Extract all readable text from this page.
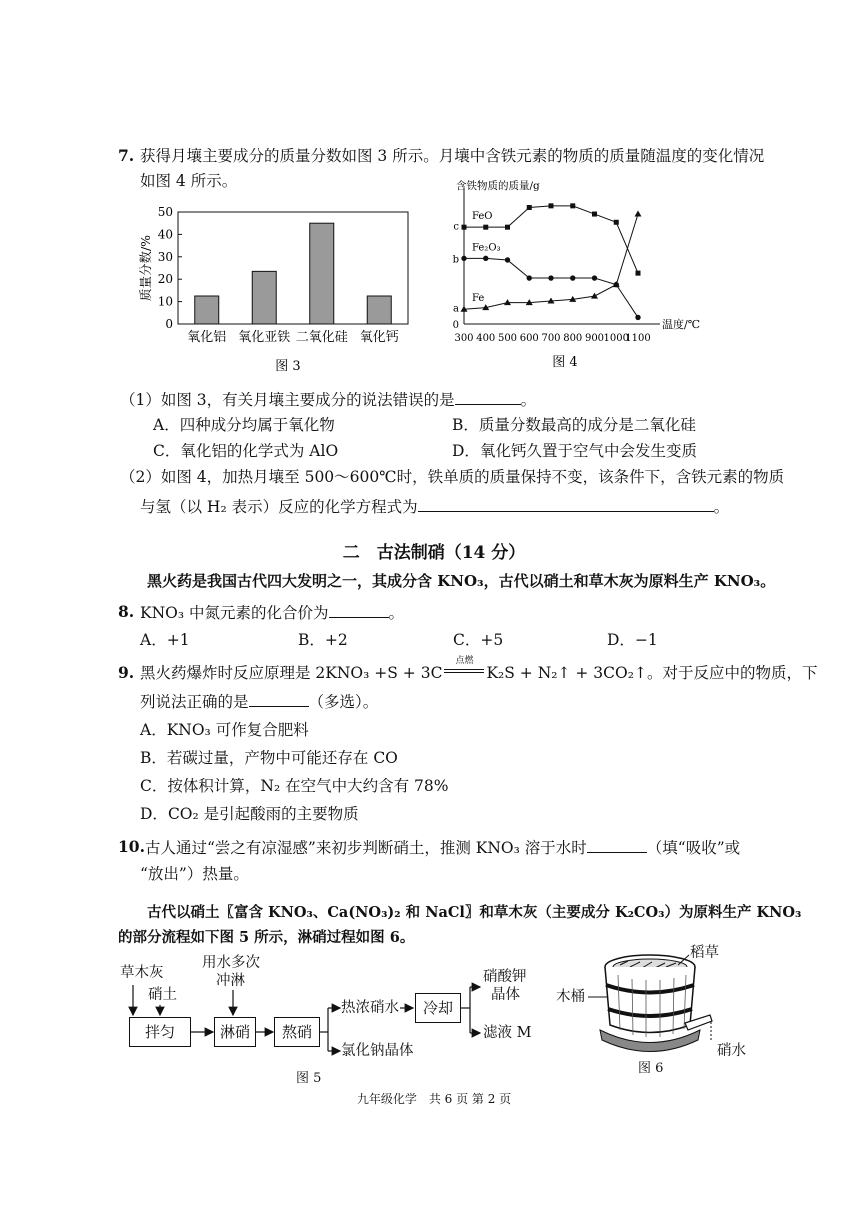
7. 获得月壤主要成分的质量分数如图 3 所示。月壤中含铁元素的物质的质量随温度的变化情况
如图 4 所示。
0
10
20
30
40
50
质量分数/%
氧化铝 氧化亚铁 二氧化硅 氧化钙
图 3
含铁物质的质量/g
温度/℃
300 400 500 600 700 800 900 1000
1100
0
a
b
c
FeO
Fe₂O₃
Fe
图 4
（1）如图 3，有关月壤主要成分的说法错误的是	。
A．四种成分均属于氧化物	B．质量分数最高的成分是二氧化硅
C．氧化铝的化学式为 AlO	D．氧化钙久置于空气中会发生变质
（2）如图 4，加热月壤至 500～600℃时，铁单质的质量保持不变，该条件下，含铁元素的物质
与氢（以 H₂ 表示）反应的化学方程式为	。
二　古法制硝（14 分）
黑火药是我国古代四大发明之一，其成分含 KNO₃，古代以硝土和草木灰为原料生产 KNO₃。
8. KNO₃ 中氮元素的化合价为	。
A．+1	B．+2	C．+5	D．−1
9. 黑火药爆炸时反应原理是 2KNO₃ +S + 3C
点燃
K₂S + N₂↑ + 3CO₂↑。对于反应中的物质，下
列说法正确的是	（多选）。
A．KNO₃ 可作复合肥料
B．若碳过量，产物中可能还存在 CO
C．按体积计算，N₂ 在空气中大约含有 78%
D．CO₂ 是引起酸雨的主要物质
10. 古人通过“尝之有凉湿感”来初步判断硝土，推测 KNO₃ 溶于水时	（填“吸收”或
“放出”）热量。
古代以硝土〖富含 KNO₃、Ca(NO₃)₂ 和 NaCl〗和草木灰（主要成分 K₂CO₃）为原料生产 KNO₃
的部分流程如下图 5 所示，淋硝过程如图 6。
草木灰
硝土
用水多次
冲淋
拌匀	淋硝	熬硝
热浓硝水
氯化钠晶体
冷却
硝酸钾
晶体
滤液 M
图 5
稻草
木桶
硝水
图 6
九年级化学　共 6 页 第 2 页
